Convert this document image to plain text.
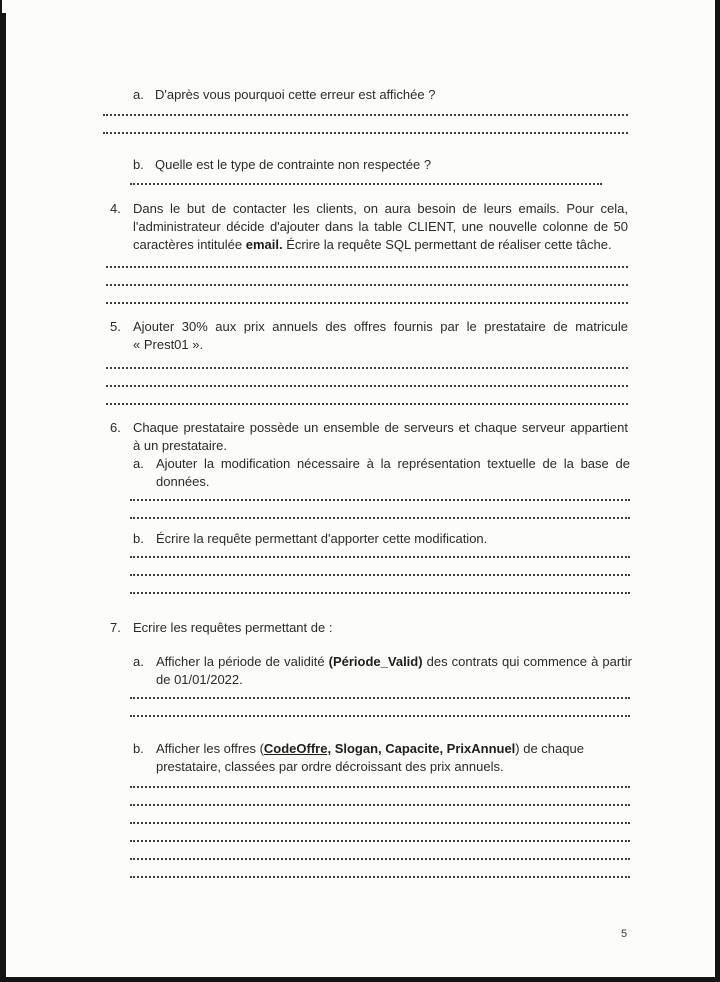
a. D'après vous pourquoi cette erreur est affichée ?
b. Quelle est le type de contrainte non respectée ?
4. Dans le but de contacter les clients, on aura besoin de leurs emails. Pour cela,
l'administrateur décide d'ajouter dans la table CLIENT, une nouvelle colonne de 50
caractères intitulée email. Écrire la requête SQL permettant de réaliser cette tâche.
5. Ajouter 30% aux prix annuels des offres fournis par le prestataire de matricule
« Prest01 ».
6. Chaque prestataire possède un ensemble de serveurs et chaque serveur appartient
à un prestataire.
a. Ajouter la modification nécessaire à la représentation textuelle de la base de
données.
b. Écrire la requête permettant d'apporter cette modification.
7. Ecrire les requêtes permettant de :
a. Afficher la période de validité (Période_Valid) des contrats qui commence à partir
de 01/01/2022.
b. Afficher les offres (CodeOffre, Slogan, Capacite, PrixAnnuel) de chaque
prestataire, classées par ordre décroissant des prix annuels.
5
